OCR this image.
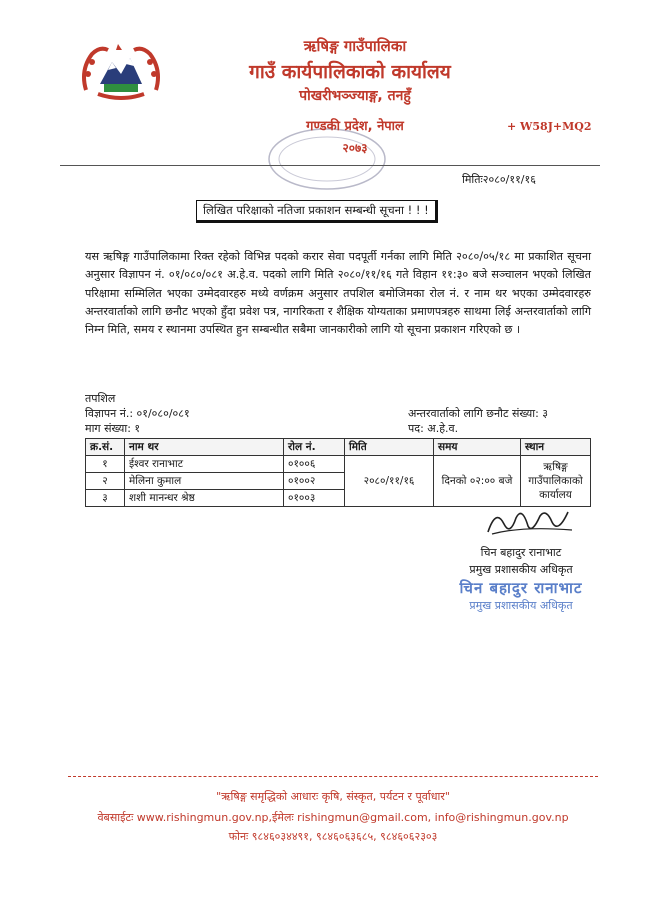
ऋषिङ्ग गाउँपालिका
गाउँ कार्यपालिकाको कार्यालय
पोखरीभञ्ज्याङ्ग, तनहुँ
गण्डकी प्रदेश, नेपाल
२०७३
+ W58J+MQ2
मितिः२०८०/११/१६
लिखित परिक्षाको नतिजा प्रकाशन सम्बन्धी सूचना ! ! !
यस ऋषिङ्ग गाउँपालिकामा रिक्त रहेको विभिन्न पदको करार सेवा पदपूर्ती गर्नका लागि मिति २०८०/०५/१८ मा प्रकाशित सूचना अनुसार विज्ञापन नं. ०१/०८०/०८१ अ.हे.व. पदको लागि मिति २०८०/११/१६ गते विहान ११:३० बजे सञ्चालन भएको लिखित परिक्षामा सम्मिलित भएका उम्मेदवारहरु मध्ये वर्णक्रम अनुसार तपशिल बमोजिमका रोल नं. र नाम थर भएका उम्मेदवारहरु अन्तरवार्ताको लागि छनौट भएको हुँदा प्रवेश पत्र, नागरिकता र शैक्षिक योग्यताका प्रमाणपत्रहरु साथमा लिई अन्तरवार्ताको लागि निम्न मिति, समय र स्थानमा उपस्थित हुन सम्बन्धीत सबैमा जानकारीको लागि यो सूचना प्रकाशन गरिएको छ ।
तपशिल
विज्ञापन नं.: ०१/०८०/०८१
माग संख्या: १
अन्तरवार्ताको लागि छनौट संख्या: ३
पद: अ.हे.व.
क्र.सं.	नाम थर	रोल नं.	मिति	समय	स्थान
१	ईश्वर रानाभाट	०१००६	२०८०/११/१६	दिनको ०२:०० बजे	ऋषिङ्ग गाउँपालिकाको कार्यालय
२	मेलिना कुमाल	०१००२			
३	शशी मानन्धर श्रेष्ठ	०१००३			
चिन बहादुर रानाभाट
प्रमुख प्रशासकीय अधिकृत
चिन बहादुर रानाभाट
प्रमुख प्रशासकीय अधिकृत
"ऋषिङ्ग समृद्धिको आधारः कृषि, संस्कृत, पर्यटन र पूर्वाधार"
वेबसाईटः www.rishingmun.gov.np,ईमेलः rishingmun@gmail.com, info@rishingmun.gov.np
फोनः ९८४६०३४४९१, ९८४६०६३६८५, ९८४६०६२३०३
